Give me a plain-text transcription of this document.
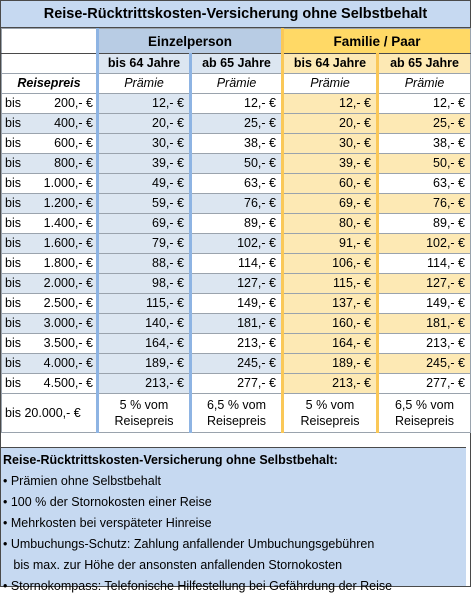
Reise-Rücktrittskosten-Versicherung ohne Selbstbehalt
	Einzelperson		Familie / Paar	
	bis 64 Jahre	ab 65 Jahre	bis 64 Jahre	ab 65 Jahre
Reisepreis	Prämie	Prämie	Prämie	Prämie

bis 200,- €	12,- €	12,- €	12,- €	12,- €

bis 400,- €	20,- €	25,- €	20,- €	25,- €

bis 600,- €	30,- €	38,- €	30,- €	38,- €

bis 800,- €	39,- €	50,- €	39,- €	50,- €

bis 1.000,- €	49,- €	63,- €	60,- €	63,- €

bis 1.200,- €	59,- €	76,- €	69,- €	76,- €

bis 1.400,- €	69,- €	89,- €	80,- €	89,- €

bis 1.600,- €	79,- €	102,- €	91,- €	102,- €

bis 1.800,- €	88,- €	114,- €	106,- €	114,- €

bis 2.000,- €	98,- €	127,- €	115,- €	127,- €

bis 2.500,- €	115,- €	149,- €	137,- €	149,- €

bis 3.000,- €	140,- €	181,- €	160,- €	181,- €

bis 3.500,- €	164,- €	213,- €	164,- €	213,- €

bis 4.000,- €	189,- €	245,- €	189,- €	245,- €

bis 4.500,- €	213,- €	277,- €	213,- €	277,- €
bis 20.000,- €	5 % vom Reisepreis	6,5 % vom Reisepreis	5 % vom Reisepreis	6,5 % vom Reisepreis
Reise-Rücktrittskosten-Versicherung ohne Selbstbehalt:
• Prämien ohne Selbstbehalt
• 100 % der Stornokosten einer Reise
• Mehrkosten bei verspäteter Hinreise
• Umbuchungs-Schutz: Zahlung anfallender Umbuchungsgebühren
bis max. zur Höhe der ansonsten anfallenden Stornokosten
• Stornokompass: Telefonische Hilfestellung bei Gefährdung der Reise
